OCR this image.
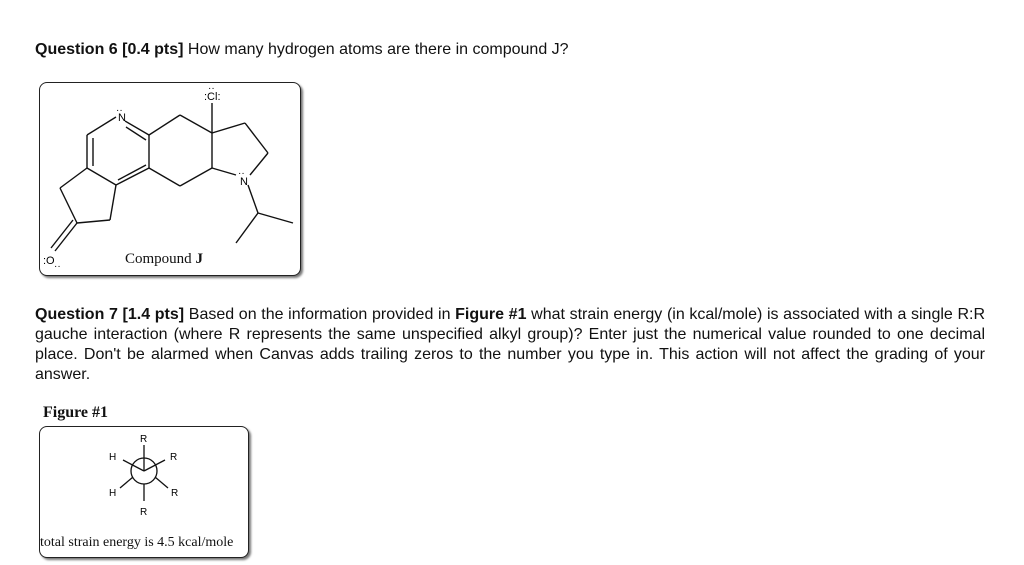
Question 6 [0.4 pts] How many hydrogen atoms are there in compound J?
N
··
:Cl:
··
N
··
:O ··	Compound J
Question 7 [1.4 pts] Based on the information provided in Figure #1 what strain energy (in kcal/mole) is associated with a single R:R gauche interaction (where R represents the same unspecified alkyl group)? Enter just the numerical value rounded to one decimal place. Don't be alarmed when Canvas adds trailing zeros to the number you type in. This action will not affect the grading of your answer.
Figure #1
R
H	R
H	R
R
total strain energy is 4.5 kcal/mole
